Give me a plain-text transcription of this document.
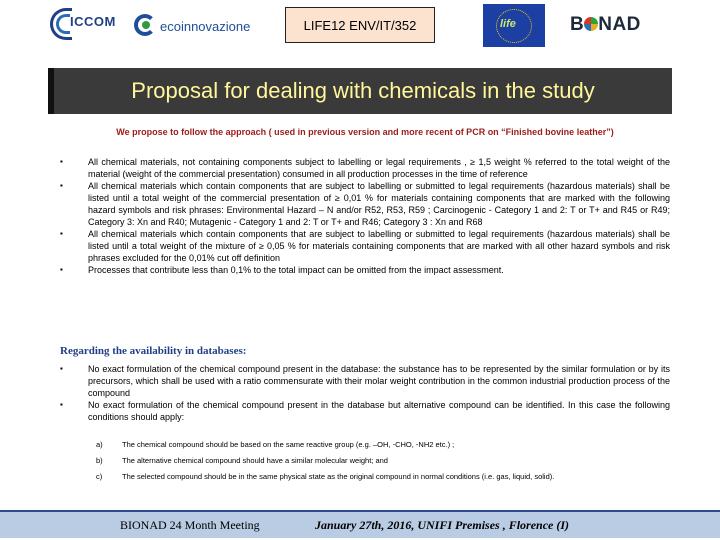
ICCOM	ecoinnovazione	LIFE12 ENV/IT/352	life	B NAD
Proposal for dealing with chemicals in the study
We propose to follow the approach ( used in previous version and more recent of PCR on “Finished bovine leather”)
▪	All chemical materials, not containing components subject to labelling or legal requirements , ≥ 1,5 weight % referred to the total weight of the material (weight of the commercial presentation) consumed in all production processes in the time of reference
▪	All chemical materials which contain components that are subject to labelling or submitted to legal requirements (hazardous materials) shall be listed until a total weight of the commercial presentation of ≥ 0,01 % for materials containing components that are marked with the following hazard symbols and risk phrases: Environmental Hazard – N and/or R52, R53, R59 ; Carcinogenic - Category 1 and 2: T or T+ and R45 or R49; Category 3: Xn and R40; Mutagenic - Category 1 and 2: T or T+ and R46; Category 3 : Xn and R68
▪	All chemical materials which contain components that are subject to labelling or submitted to legal requirements (hazardous materials) shall be listed until a total weight of the mixture of ≥ 0,05 % for materials containing components that are marked with all other hazard symbols and risk phrases excluded for the 0,01% cut off definition
▪	Processes that contribute less than 0,1% to the total impact can be omitted from the impact assessment.
Regarding the availability in databases:
▪	No exact formulation of the chemical compound present in the database: the substance has to be represented by the similar formulation or by its precursors, which shall be used with a ratio commensurate with their molar weight contribution in the common industrial production process of the compound
▪	No exact formulation of the chemical compound present in the database but alternative compound can be identified. In this case the following conditions should apply:
a)	The chemical compound should be based on the same reactive group (e.g. –OH, -CHO, -NH2 etc.) ;
b)	The alternative chemical compound should have a similar molecular weight; and
c)	The selected compound should be in the same physical state as the original compound in normal conditions (i.e. gas, liquid, solid).
BIONAD 24 Month Meeting	January 27th, 2016, UNIFI Premises , Florence (I)
